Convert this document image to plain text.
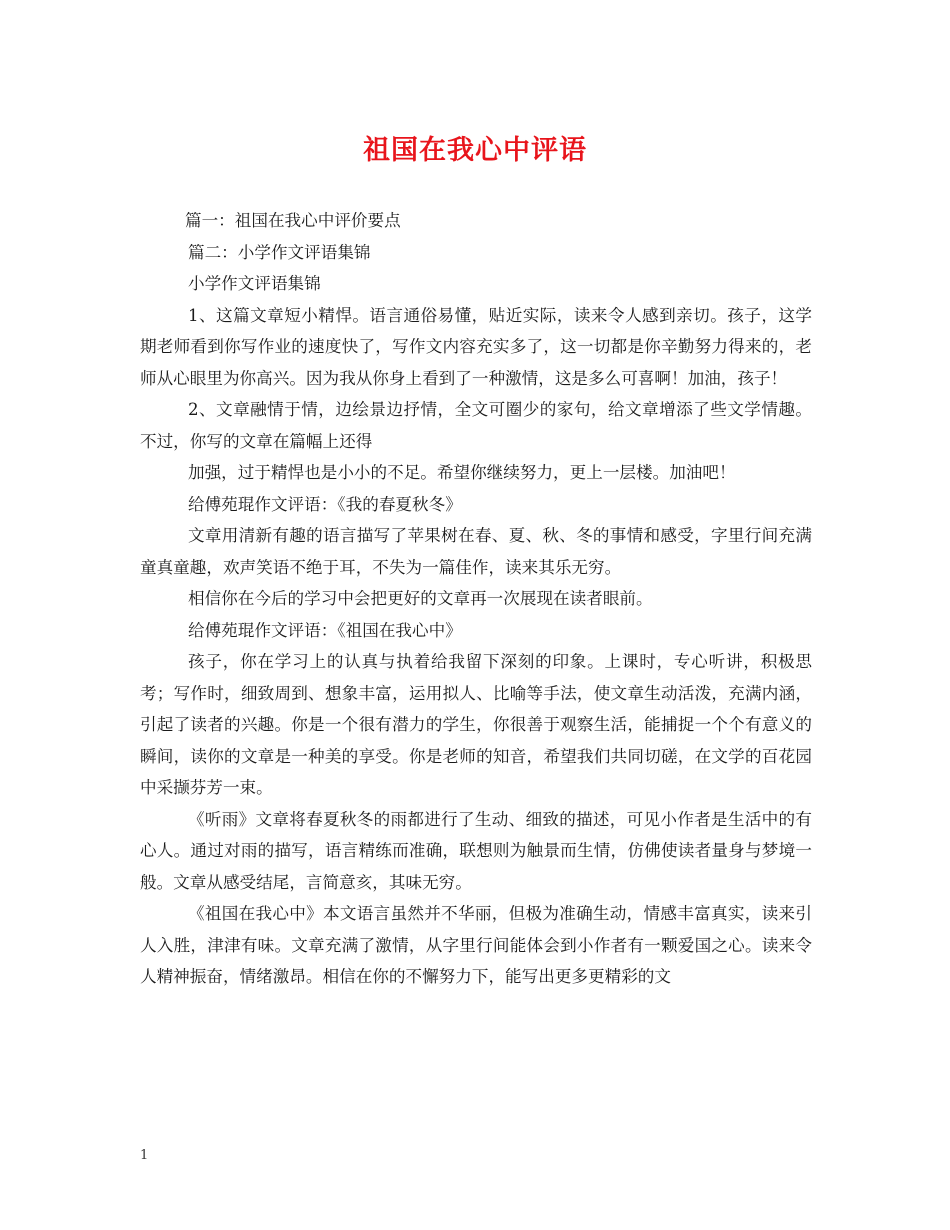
祖国在我心中评语

篇一：祖国在我心中评价要点

篇二：小学作文评语集锦

小学作文评语集锦

1、这篇文章短小精悍。语言通俗易懂，贴近实际，读来令人感到亲切。孩子，这学期老师看到你写作业的速度快了，写作文内容充实多了，这一切都是你辛勤努力得来的，老师从心眼里为你高兴。因为我从你身上看到了一种激情，这是多么可喜啊！加油，孩子！

2、文章融情于情，边绘景边抒情，全文可圈少的家句，给文章增添了些文学情趣。不过，你写的文章在篇幅上还得

加强，过于精悍也是小小的不足。希望你继续努力，更上一层楼。加油吧！

给傅苑琨作文评语：《我的春夏秋冬》

文章用清新有趣的语言描写了苹果树在春、夏、秋、冬的事情和感受，字里行间充满童真童趣，欢声笑语不绝于耳，不失为一篇佳作，读来其乐无穷。

相信你在今后的学习中会把更好的文章再一次展现在读者眼前。

给傅苑琨作文评语：《祖国在我心中》

孩子，你在学习上的认真与执着给我留下深刻的印象。上课时，专心听讲，积极思考；写作时，细致周到、想象丰富，运用拟人、比喻等手法，使文章生动活泼，充满内涵，引起了读者的兴趣。你是一个很有潜力的学生，你很善于观察生活，能捕捉一个个有意义的瞬间，读你的文章是一种美的享受。你是老师的知音，希望我们共同切磋，在文学的百花园中采撷芬芳一束。

《听雨》文章将春夏秋冬的雨都进行了生动、细致的描述，可见小作者是生活中的有心人。通过对雨的描写，语言精练而准确，联想则为触景而生情，仿佛使读者量身与梦境一般。文章从感受结尾，言简意亥，其味无穷。

《祖国在我心中》本文语言虽然并不华丽，但极为准确生动，情感丰富真实，读来引人入胜，津津有味。文章充满了激情，从字里行间能体会到小作者有一颗爱国之心。读来令人精神振奋，情绪激昂。相信在你的不懈努力下，能写出更多更精彩的文

1
